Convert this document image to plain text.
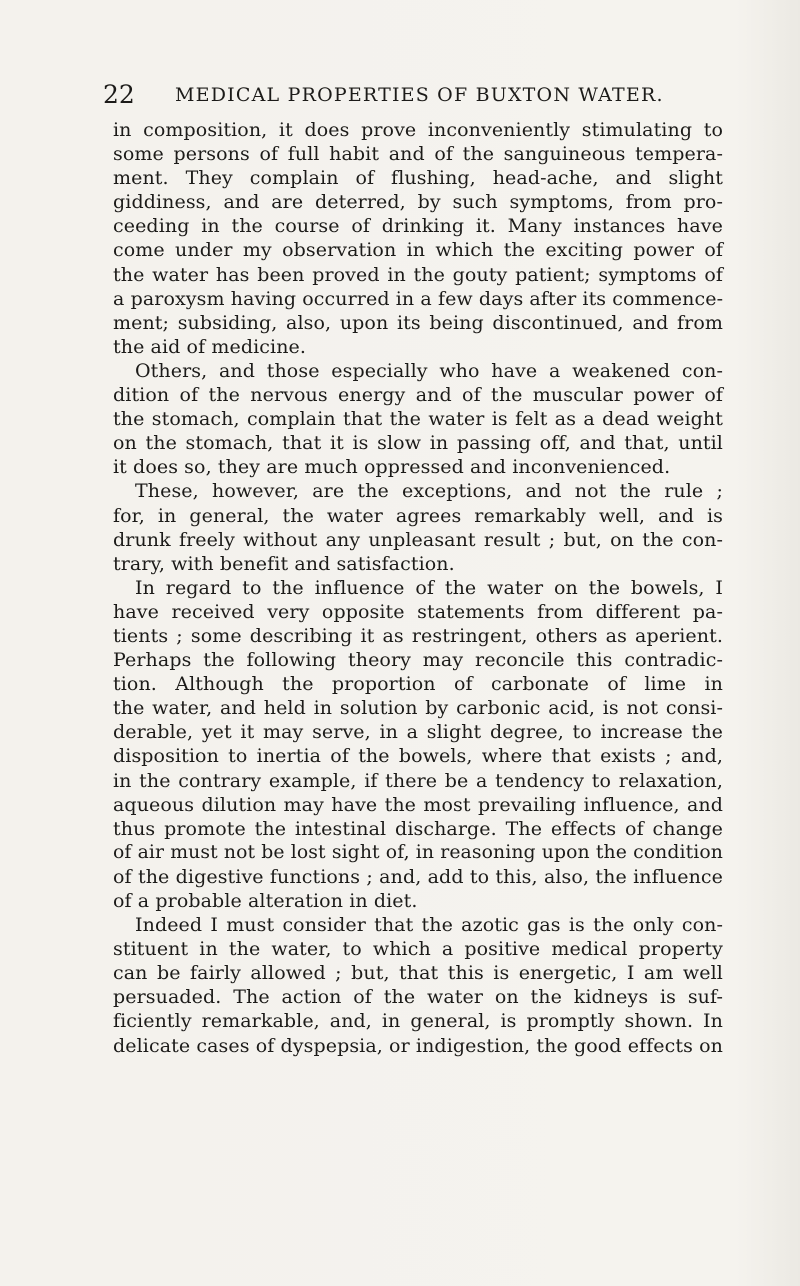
22 MEDICAL PROPERTIES OF BUXTON WATER.
in composition, it does prove inconveniently stimulating to
some persons of full habit and of the sanguineous tempera-
ment. They complain of flushing, head-ache, and slight
giddiness, and are deterred, by such symptoms, from pro-
ceeding in the course of drinking it. Many instances have
come under my observation in which the exciting power of
the water has been proved in the gouty patient; symptoms of
a paroxysm having occurred in a few days after its commence-
ment; subsiding, also, upon its being discontinued, and from
the aid of medicine.
Others, and those especially who have a weakened con-
dition of the nervous energy and of the muscular power of
the stomach, complain that the water is felt as a dead weight
on the stomach, that it is slow in passing off, and that, until
it does so, they are much oppressed and inconvenienced.
These, however, are the exceptions, and not the rule ;
for, in general, the water agrees remarkably well, and is
drunk freely without any unpleasant result ; but, on the con-
trary, with benefit and satisfaction.
In regard to the influence of the water on the bowels, I
have received very opposite statements from different pa-
tients ; some describing it as restringent, others as aperient.
Perhaps the following theory may reconcile this contradic-
tion. Although the proportion of carbonate of lime in
the water, and held in solution by carbonic acid, is not consi-
derable, yet it may serve, in a slight degree, to increase the
disposition to inertia of the bowels, where that exists ; and,
in the contrary example, if there be a tendency to relaxation,
aqueous dilution may have the most prevailing influence, and
thus promote the intestinal discharge. The effects of change
of air must not be lost sight of, in reasoning upon the condition
of the digestive functions ; and, add to this, also, the influence
of a probable alteration in diet.
Indeed I must consider that the azotic gas is the only con-
stituent in the water, to which a positive medical property
can be fairly allowed ; but, that this is energetic, I am well
persuaded. The action of the water on the kidneys is suf-
ficiently remarkable, and, in general, is promptly shown. In
delicate cases of dyspepsia, or indigestion, the good effects on
